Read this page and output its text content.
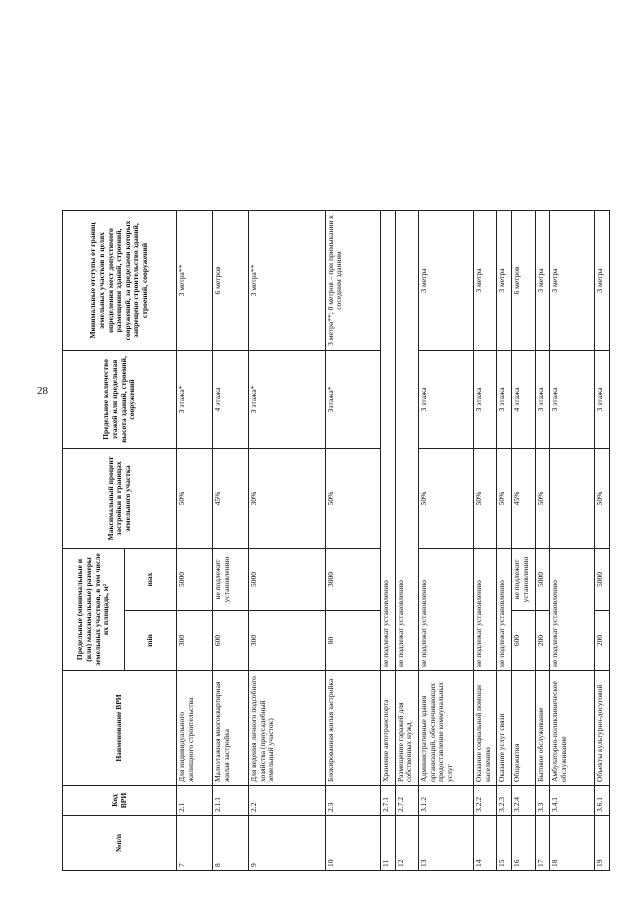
28
№п/п	Код ВРИ	Наименование ВРИ	Предельные (минимальные и (или) максимальные) размеры земельных участков, в том числе их площадь, м²		Максимальный процент застройки в границах земельного участка	Предельное количество этажей или предельная высота зданий, строений, сооружений	Минимальные отступы от границ земельных участков в целях определения мест допустимого размещения зданий, строений, сооружений, за пределами которых запрещено строительство зданий, строений, сооружений	
			min	max				
7	2.1	Для индивидуального жилищного строительства	300	5000	50%	3 этажа*	3 метра**	
8	2.1.1	Малоэтажная многоквартирная жилая застройка	600	не подлежит установлению	45%	4 этажа	6 метров	
9	2.2	Для ведения личного подсобного хозяйства (приусадебный земельный участок)	300	5000	30%	3 этажа*	3 метра**	
10	2.3	Блокированная жилая застройка	80	3000	50%	3этажа*	3 метра**; 0 метров – при примыкании к соседним зданиям	
11	2.7.1	Хранение автотранспорта	не подлежат установлению					
12	2.7.2	Размещение гаражей для собственных нужд	не подлежат установлению					
13	3.1.2	Административные здания организаций, обеспечивающих предоставление коммунальных услуг	не подлежат установлению		50%	3 этажа	3 метра	
14	3.2.2	Оказание социальной помощи населению	не подлежат установлению		50%	3 этажа	3 метра	
15	3.2.3	Оказание услуг связи	не подлежат установлению		50%	3 этажа	3 метра	
16	3.2.4	Общежития	600	не подлежит установлению	45%	4 этажа	6 метров	
17	3.3	Бытовое обслуживание	200	5000	50%	3 этажа	3 метра	
18	3.4.1	Амбулаторно-поликлиническое обслуживание	не подлежат установлению			3 этажа	3 метра	
19	3.6.1	Объекты культурно-досуговой	200	5000	50%	3 этажа	3 метра	
